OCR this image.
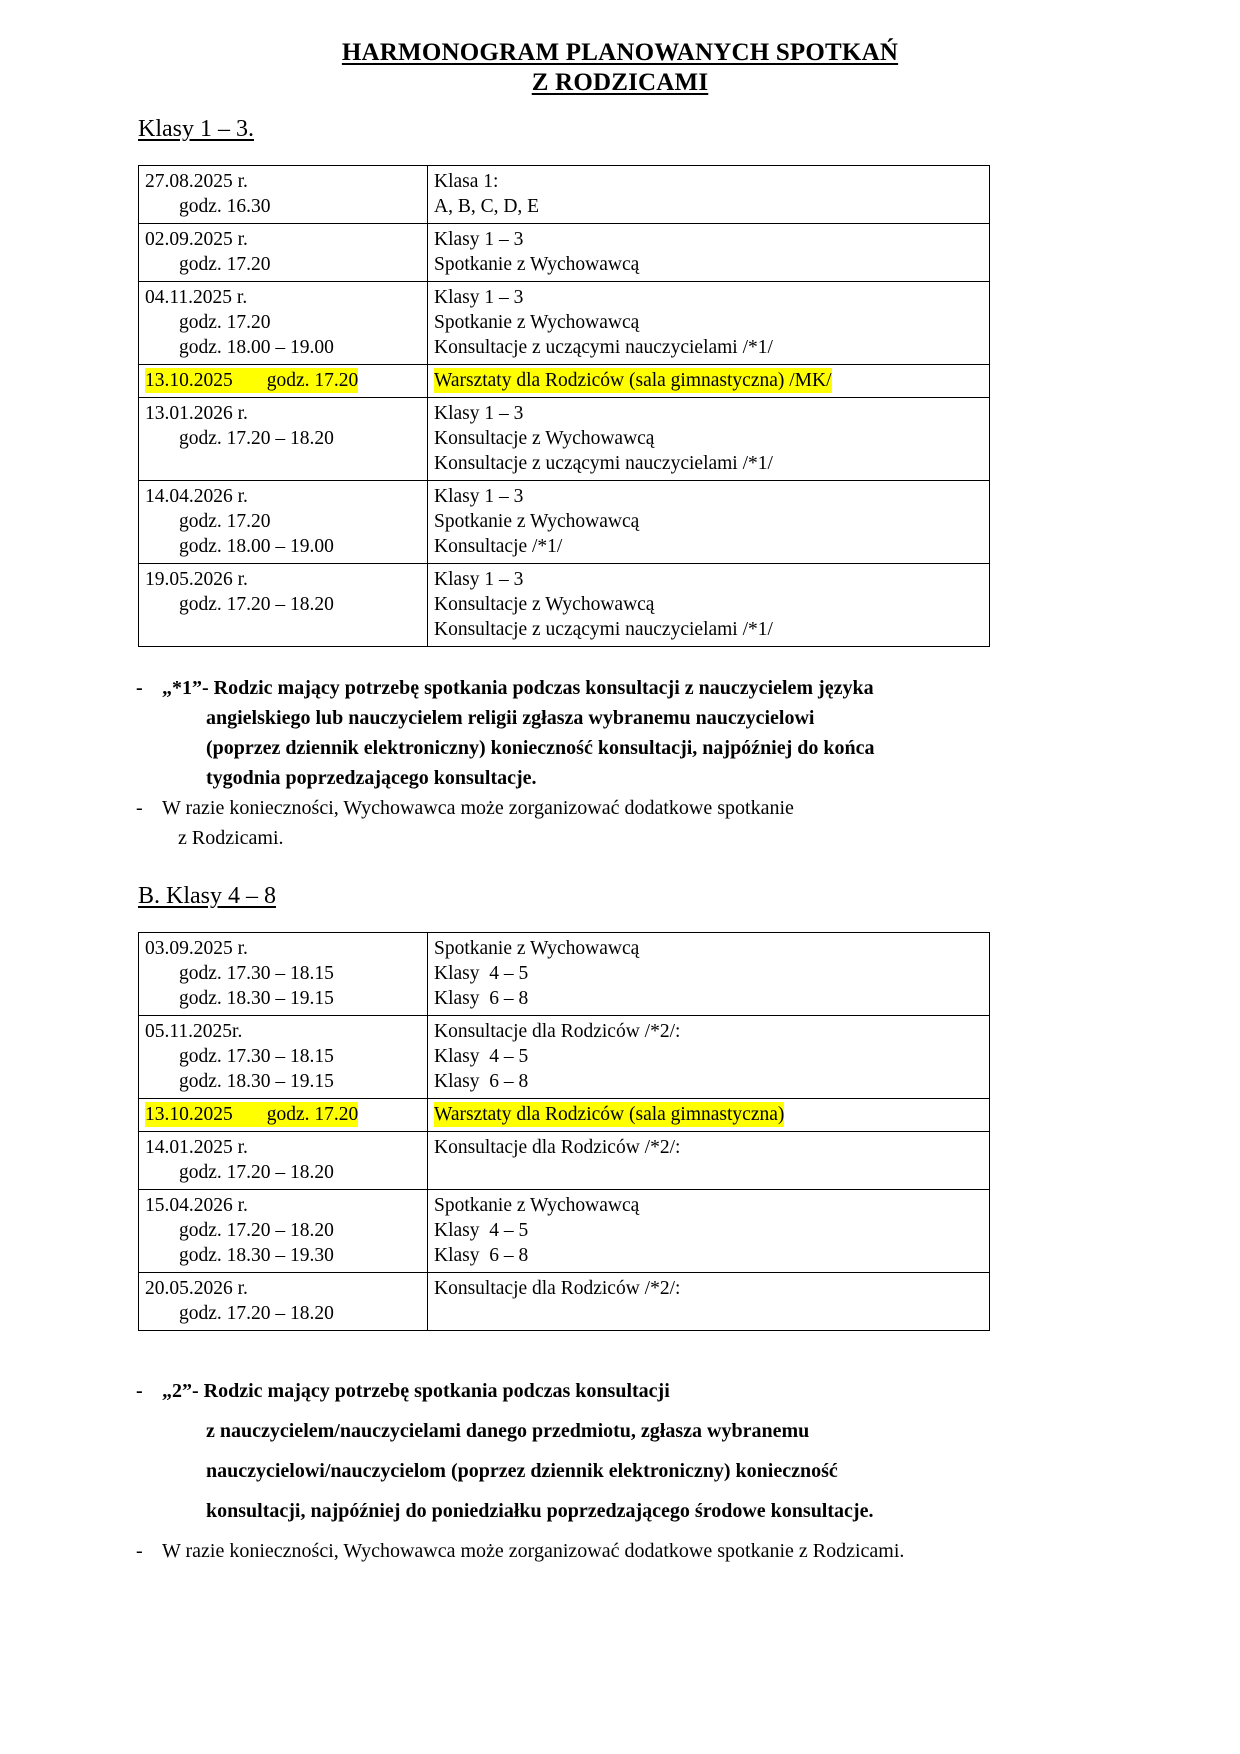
HARMONOGRAM PLANOWANYCH SPOTKAŃ
Z RODZICAMI
Klasy 1 – 3.
27.08.2025 r.
godz. 16.30	Klasa 1:
A, B, C, D, E

02.09.2025 r.
godz. 17.20	Klasy 1 – 3
Spotkanie z Wychowawcą

04.11.2025 r.
godz. 17.20
godz. 18.00 – 19.00	Klasy 1 – 3
Spotkanie z Wychowawcą
Konsultacje z uczącymi nauczycielami /*1/

13.10.2025 godz. 17.20	Warsztaty dla Rodziców (sala gimnastyczna) /MK/

13.01.2026 r.
godz. 17.20 – 18.20	Klasy 1 – 3
Konsultacje z Wychowawcą
Konsultacje z uczącymi nauczycielami /*1/

14.04.2026 r.
godz. 17.20
godz. 18.00 – 19.00	Klasy 1 – 3
Spotkanie z Wychowawcą
Konsultacje /*1/

19.05.2026 r.
godz. 17.20 – 18.20	Klasy 1 – 3
Konsultacje z Wychowawcą
Konsultacje z uczącymi nauczycielami /*1/
- „*1”- Rodzic mający potrzebę spotkania podczas konsultacji z nauczycielem języka
angielskiego lub nauczycielem religii zgłasza wybranemu nauczycielowi
(poprzez dziennik elektroniczny) konieczność konsultacji, najpóźniej do końca
tygodnia poprzedzającego konsultacje.
- W razie konieczności, Wychowawca może zorganizować dodatkowe spotkanie
z Rodzicami.
B. Klasy 4 – 8
03.09.2025 r.
godz. 17.30 – 18.15
godz. 18.30 – 19.15	Spotkanie z Wychowawcą
Klasy  4 – 5
Klasy  6 – 8

05.11.2025r.
godz. 17.30 – 18.15
godz. 18.30 – 19.15	Konsultacje dla Rodziców /*2/:
Klasy  4 – 5
Klasy  6 – 8

13.10.2025 godz. 17.20	Warsztaty dla Rodziców (sala gimnastyczna)

14.01.2025 r.
godz. 17.20 – 18.20	Konsultacje dla Rodziców /*2/:

15.04.2026 r.
godz. 17.20 – 18.20
godz. 18.30 – 19.30	Spotkanie z Wychowawcą
Klasy  4 – 5
Klasy  6 – 8

20.05.2026 r.
godz. 17.20 – 18.20	Konsultacje dla Rodziców /*2/:
- „2”- Rodzic mający potrzebę spotkania podczas konsultacji
z nauczycielem/nauczycielami danego przedmiotu, zgłasza wybranemu
nauczycielowi/nauczycielom (poprzez dziennik elektroniczny) konieczność
konsultacji, najpóźniej do poniedziałku poprzedzającego środowe konsultacje.
- W razie konieczności, Wychowawca może zorganizować dodatkowe spotkanie z Rodzicami.
